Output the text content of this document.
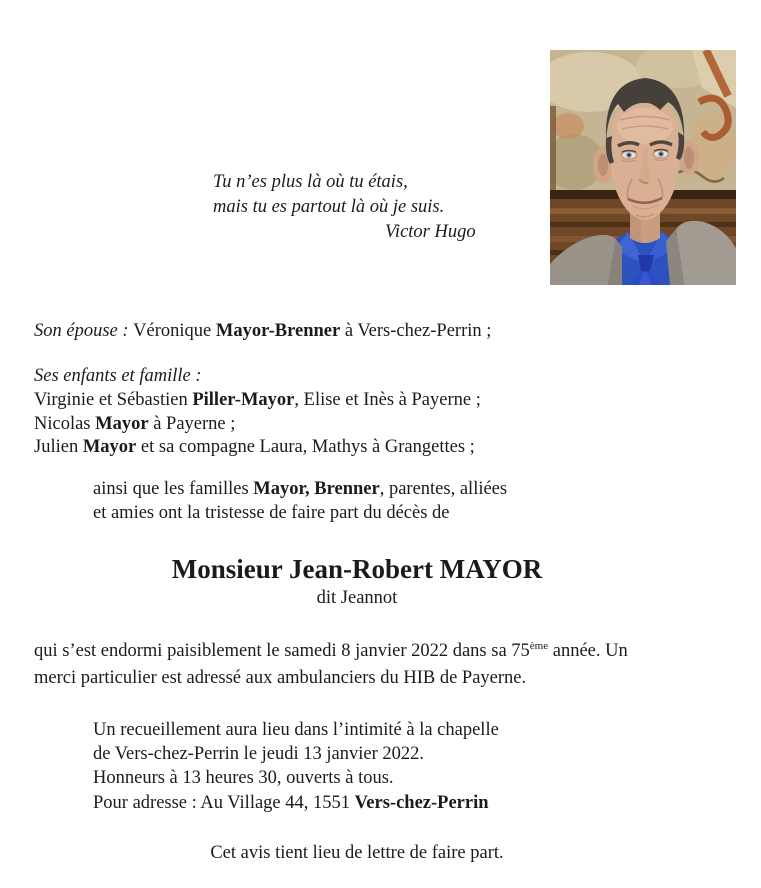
Tu n’es plus là où tu étais,
mais tu es partout là où je suis.
Victor Hugo
Son épouse : Véronique Mayor-Brenner à Vers-chez-Perrin ;
Ses enfants et famille :
Virginie et Sébastien Piller-Mayor, Elise et Inès à Payerne ;
Nicolas Mayor à Payerne ;
Julien Mayor et sa compagne Laura, Mathys à Grangettes ;
ainsi que les familles Mayor, Brenner, parentes, alliées
et amies ont la tristesse de faire part du décès de
Monsieur Jean-Robert MAYOR
dit Jeannot
qui s’est endormi paisiblement le samedi 8 janvier 2022 dans sa 75ème année. Un
merci particulier est adressé aux ambulanciers du HIB de Payerne.
Un recueillement aura lieu dans l’intimité à la chapelle
de Vers-chez-Perrin le jeudi 13 janvier 2022.
Honneurs à 13 heures 30, ouverts à tous.
Pour adresse : Au Village 44, 1551 Vers-chez-Perrin
Cet avis tient lieu de lettre de faire part.
